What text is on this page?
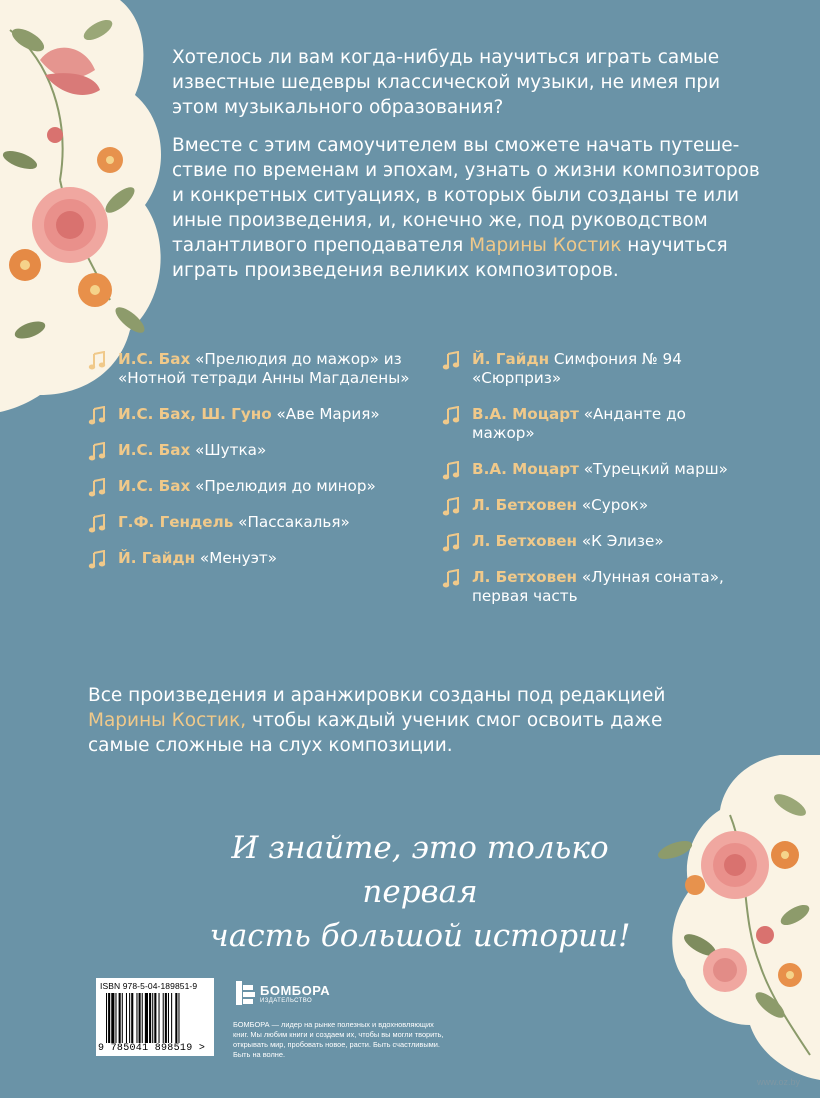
Хотелось ли вам когда-нибудь научиться играть самые известные шедевры классической музыки, не имея при этом музыкального образования?
Вместе с этим самоучителем вы сможете начать путеше-ствие по временам и эпохам, узнать о жизни композиторов и конкретных ситуациях, в которых были созданы те или иные произведения, и, конечно же, под руководством талантливого преподавателя Марины Костик научиться играть произведения великих композиторов.
И.С. Бах «Прелюдия до мажор» из «Нотной тетради Анны Магдалены»
И.С. Бах, Ш. Гуно «Аве Мария»
И.С. Бах «Шутка»
И.С. Бах «Прелюдия до минор»
Г.Ф. Гендель «Пассакалья»
Й. Гайдн «Менуэт»
Й. Гайдн Симфония № 94 «Сюрприз»
В.А. Моцарт «Анданте до мажор»
В.А. Моцарт «Турецкий марш»
Л. Бетховен «Сурок»
Л. Бетховен «К Элизе»
Л. Бетховен «Лунная соната», первая часть
Все произведения и аранжировки созданы под редакцией Марины Костик, чтобы каждый ученик смог освоить даже самые сложные на слух композиции.
И знайте, это только первая
часть большой истории!
ISBN 978-5-04-189851-9
9 785041 898519 >
БОМБОРА
ИЗДАТЕЛЬСТВО
БОМБОРА — лидер на рынке полезных и вдохновляющих книг. Мы любим книги и создаем их, чтобы вы могли творить, открывать мир, пробовать новое, расти. Быть счастливыми. Быть на волне.
www.oz.by
